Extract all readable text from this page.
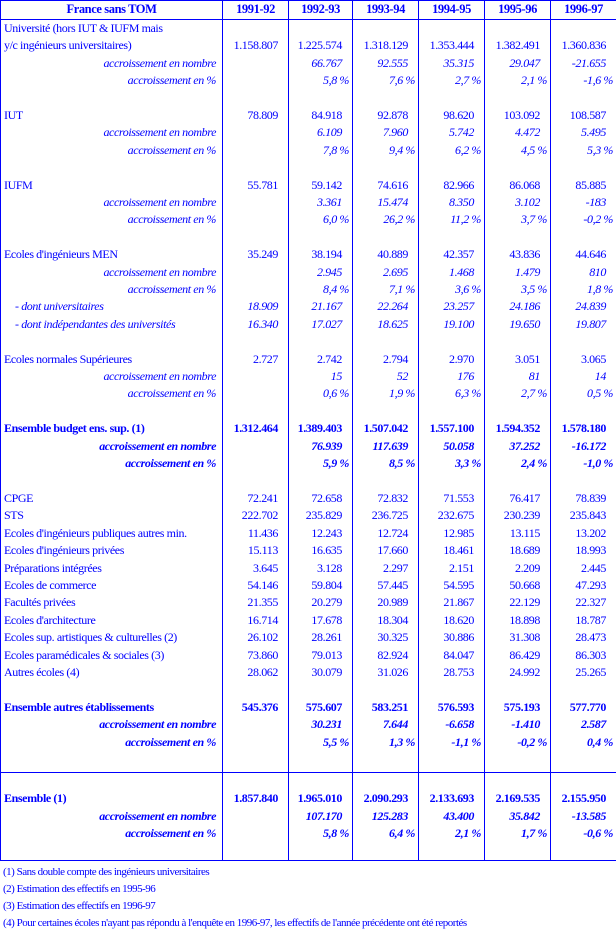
France sans TOM	1991-92	1992-93	1993-94	1994-95	1995-96	1996-97
Université (hors IUT & IUFM mais						
y/c ingénieurs universitaires)	1.158.807	1.225.574	1.318.129	1.353.444	1.382.491	1.360.836
accroissement en nombre		66.767	92.555	35.315	29.047	-21.655
accroissement en %		5,8 %	7,6 %	2,7 %	2,1 %	-1,6 %

IUT	78.809	84.918	92.878	98.620	103.092	108.587
accroissement en nombre		6.109	7.960	5.742	4.472	5.495
accroissement en %		7,8 %	9,4 %	6,2 %	4,5 %	5,3 %

IUFM	55.781	59.142	74.616	82.966	86.068	85.885
accroissement en nombre		3.361	15.474	8.350	3.102	-183
accroissement en %		6,0 %	26,2 %	11,2 %	3,7 %	-0,2 %

Ecoles d'ingénieurs MEN	35.249	38.194	40.889	42.357	43.836	44.646
accroissement en nombre		2.945	2.695	1.468	1.479	810
accroissement en %		8,4 %	7,1 %	3,6 %	3,5 %	1,8 %
- dont universitaires	18.909	21.167	22.264	23.257	24.186	24.839
- dont indépendantes des universités	16.340	17.027	18.625	19.100	19.650	19.807

Ecoles normales Supérieures	2.727	2.742	2.794	2.970	3.051	3.065
accroissement en nombre		15	52	176	81	14
accroissement en %		0,6 %	1,9 %	6,3 %	2,7 %	0,5 %

Ensemble budget ens. sup. (1)	1.312.464	1.389.403	1.507.042	1.557.100	1.594.352	1.578.180
accroissement en nombre		76.939	117.639	50.058	37.252	-16.172
accroissement en %		5,9 %	8,5 %	3,3 %	2,4 %	-1,0 %

CPGE	72.241	72.658	72.832	71.553	76.417	78.839
STS	222.702	235.829	236.725	232.675	230.239	235.843
Ecoles d'ingénieurs publiques autres min.	11.436	12.243	12.724	12.985	13.115	13.202
Ecoles d'ingénieurs privées	15.113	16.635	17.660	18.461	18.689	18.993
Préparations intégrées	3.645	3.128	2.297	2.151	2.209	2.445
Ecoles de commerce	54.146	59.804	57.445	54.595	50.668	47.293
Facultés privées	21.355	20.279	20.989	21.867	22.129	22.327
Ecoles d'architecture	16.714	17.678	18.304	18.620	18.898	18.787
Ecoles sup. artistiques & culturelles (2)	26.102	28.261	30.325	30.886	31.308	28.473
Ecoles paramédicales & sociales (3)	73.860	79.013	82.924	84.047	86.429	86.303
Autres écoles (4)	28.062	30.079	31.026	28.753	24.992	25.265

Ensemble autres établissements	545.376	575.607	583.251	576.593	575.193	577.770
accroissement en nombre		30.231	7.644	-6.658	-1.410	2.587
accroissement en %		5,5 %	1,3 %	-1,1 %	-0,2 %	0,4 %

Ensemble (1)	1.857.840	1.965.010	2.090.293	2.133.693	2.169.535	2.155.950
accroissement en nombre		107.170	125.283	43.400	35.842	-13.585
accroissement en %		5,8 %	6,4 %	2,1 %	1,7 %	-0,6 %

(1) Sans double compte des ingénieurs universitaires
(2) Estimation des effectifs en 1995-96
(3) Estimation des effectifs en 1996-97
(4) Pour certaines écoles n'ayant pas répondu à l'enquête en 1996-97, les effectifs de l'année précédente ont été reportés
